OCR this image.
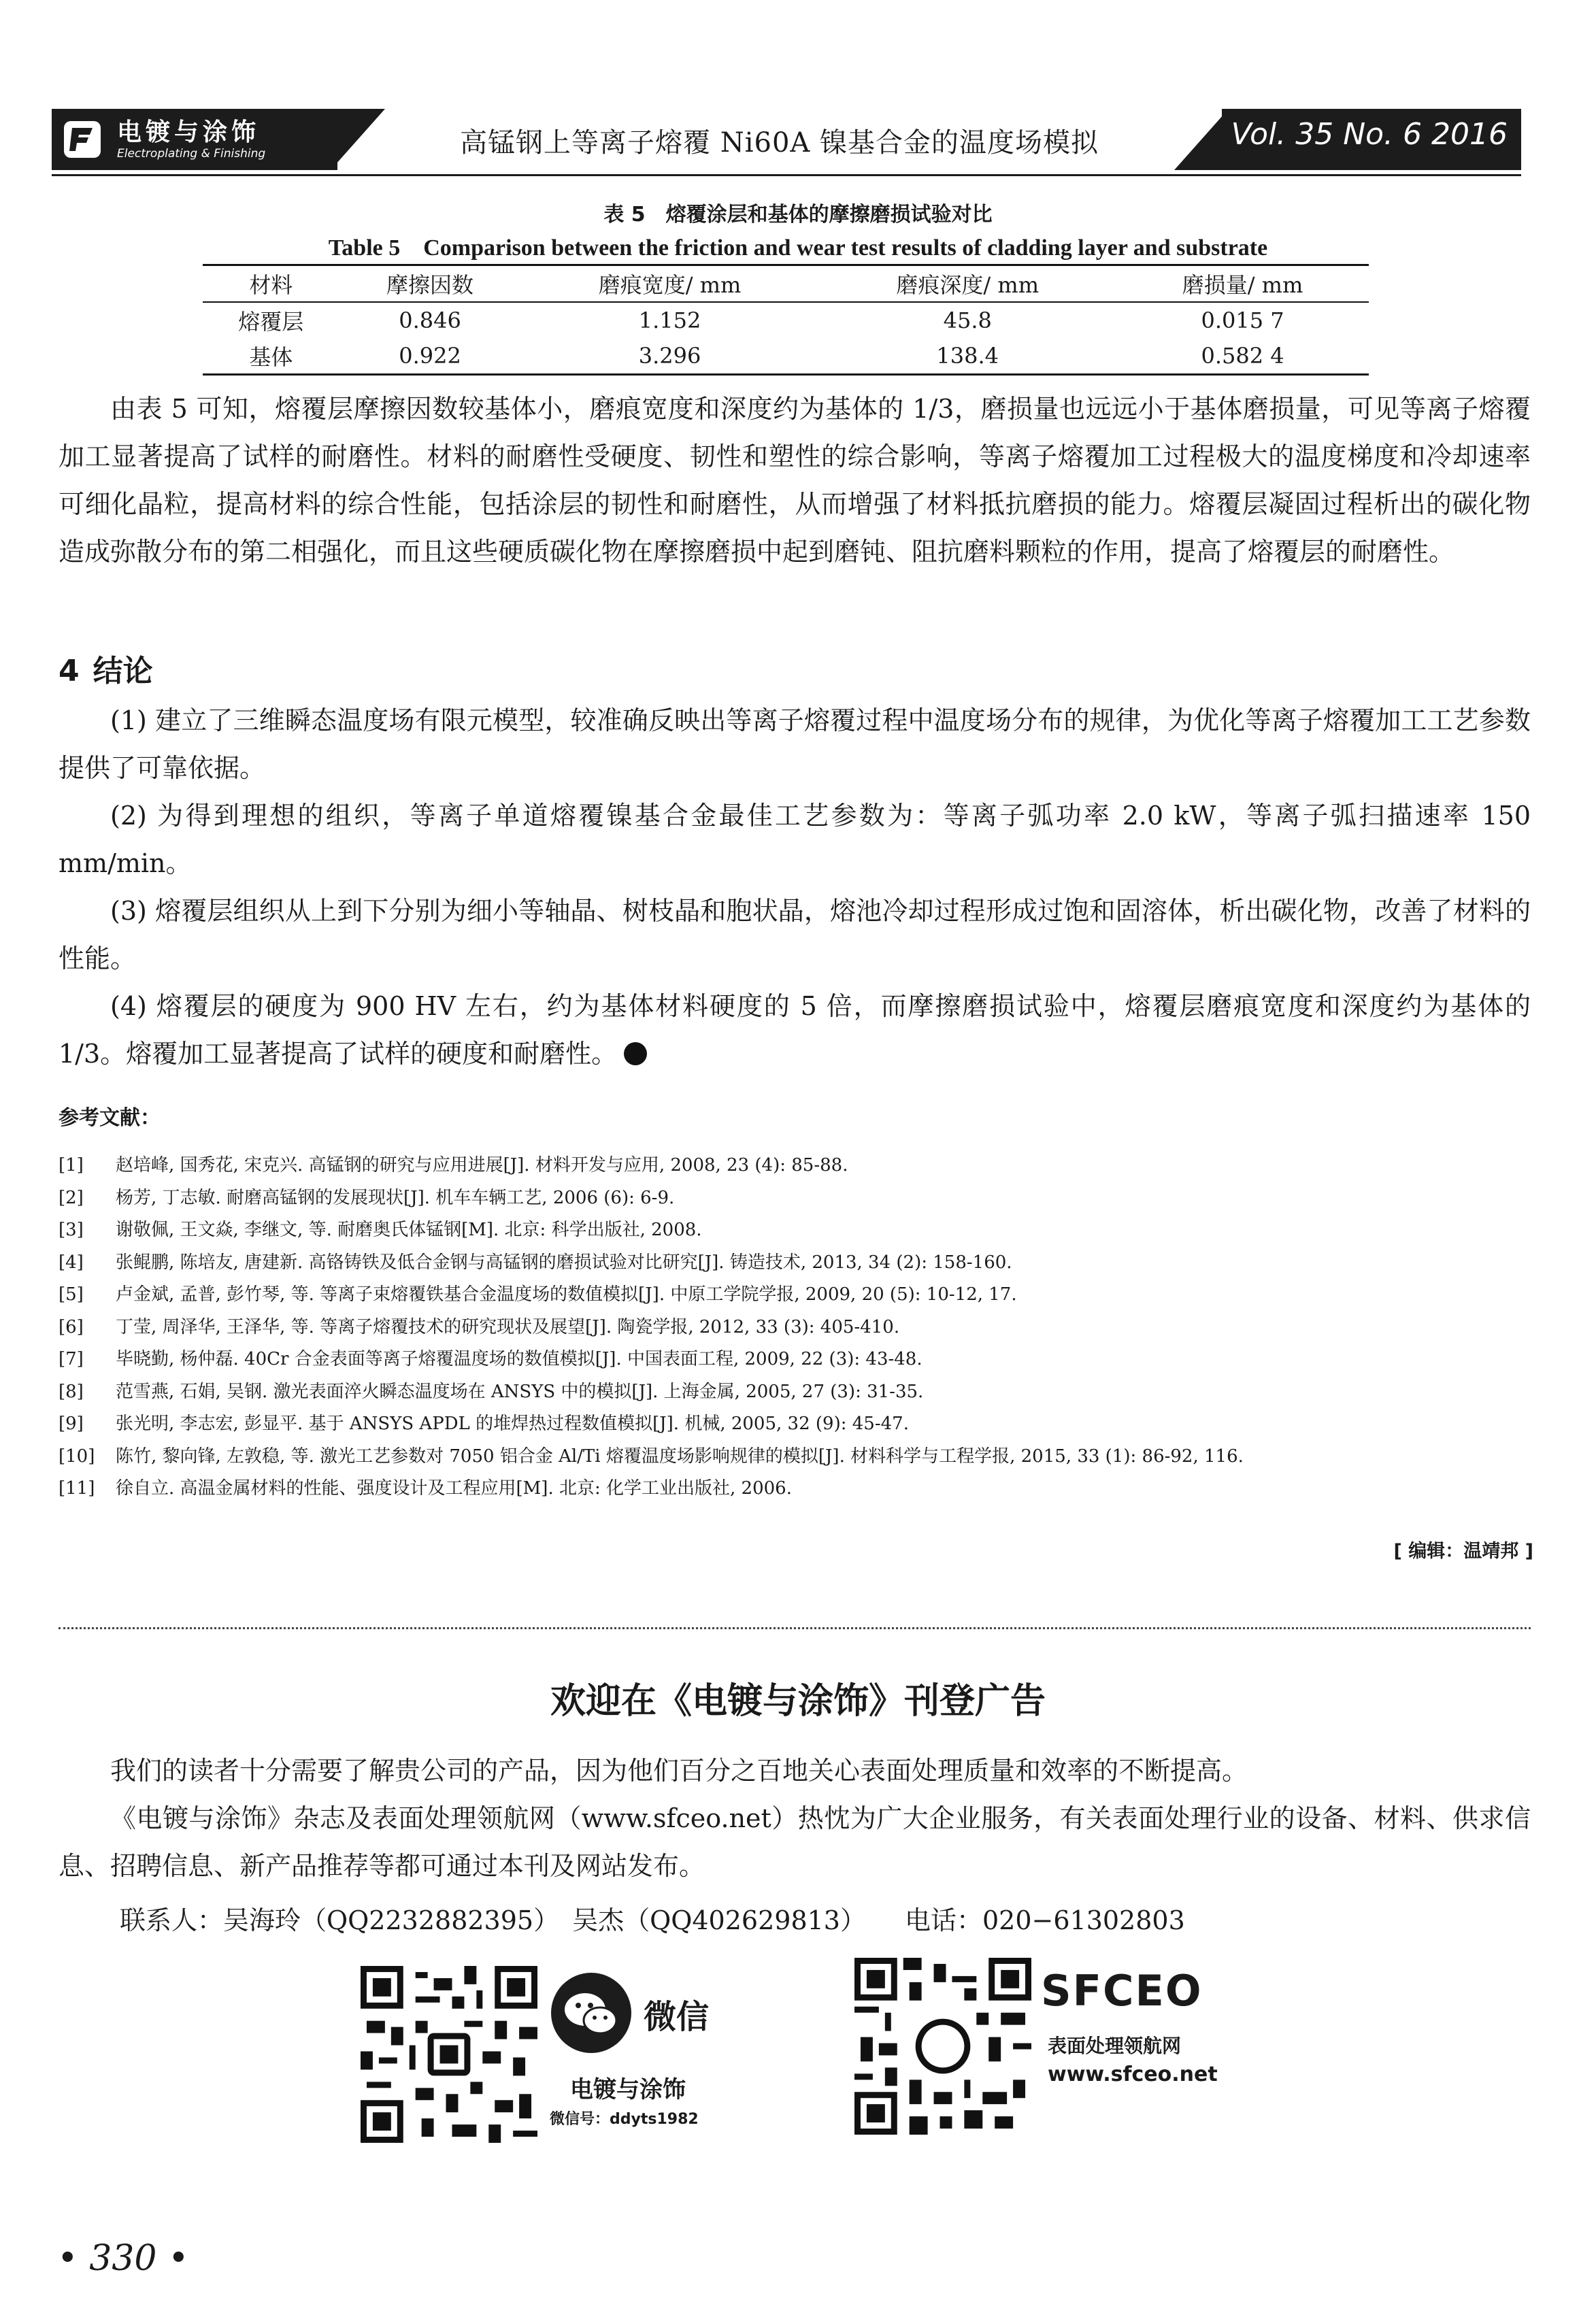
电镀与涂饰
Electroplating & Finishing	高锰钢上等离子熔覆 Ni60A 镍基合金的温度场模拟	Vol. 35 No. 6 2016
表 5　熔覆涂层和基体的摩擦磨损试验对比
Table 5　Comparison between the friction and wear test results of cladding layer and substrate
材料	摩擦因数	磨痕宽度/ mm	磨痕深度/ mm	磨损量/ mm
熔覆层	0.846	1.152	45.8	0.015 7
基体	0.922	3.296	138.4	0.582 4
由表 5 可知，熔覆层摩擦因数较基体小，磨痕宽度和深度约为基体的 1/3，磨损量也远远小于基体磨损量，可见等离子熔覆加工显著提高了试样的耐磨性。材料的耐磨性受硬度、韧性和塑性的综合影响，等离子熔覆加工过程极大的温度梯度和冷却速率可细化晶粒，提高材料的综合性能，包括涂层的韧性和耐磨性，从而增强了材料抵抗磨损的能力。熔覆层凝固过程析出的碳化物造成弥散分布的第二相强化，而且这些硬质碳化物在摩擦磨损中起到磨钝、阻抗磨料颗粒的作用，提高了熔覆层的耐磨性。
4 结论
(1) 建立了三维瞬态温度场有限元模型，较准确反映出等离子熔覆过程中温度场分布的规律，为优化等离子熔覆加工工艺参数提供了可靠依据。
(2) 为得到理想的组织，等离子单道熔覆镍基合金最佳工艺参数为：等离子弧功率 2.0 kW，等离子弧扫描速率 150 mm/min。
(3) 熔覆层组织从上到下分别为细小等轴晶、树枝晶和胞状晶，熔池冷却过程形成过饱和固溶体，析出碳化物，改善了材料的性能。
(4) 熔覆层的硬度为 900 HV 左右，约为基体材料硬度的 5 倍，而摩擦磨损试验中，熔覆层磨痕宽度和深度约为基体的 1/3。熔覆加工显著提高了试样的硬度和耐磨性。
参考文献：
[1] 赵培峰, 国秀花, 宋克兴. 高锰钢的研究与应用进展[J]. 材料开发与应用, 2008, 23 (4): 85-88.
[2] 杨芳, 丁志敏. 耐磨高锰钢的发展现状[J]. 机车车辆工艺, 2006 (6): 6-9.
[3] 谢敬佩, 王文焱, 李继文, 等. 耐磨奥氏体锰钢[M]. 北京: 科学出版社, 2008.
[4] 张鲲鹏, 陈培友, 唐建新. 高铬铸铁及低合金钢与高锰钢的磨损试验对比研究[J]. 铸造技术, 2013, 34 (2): 158-160.
[5] 卢金斌, 孟普, 彭竹琴, 等. 等离子束熔覆铁基合金温度场的数值模拟[J]. 中原工学院学报, 2009, 20 (5): 10-12, 17.
[6] 丁莹, 周泽华, 王泽华, 等. 等离子熔覆技术的研究现状及展望[J]. 陶瓷学报, 2012, 33 (3): 405-410.
[7] 毕晓勤, 杨仲磊. 40Cr 合金表面等离子熔覆温度场的数值模拟[J]. 中国表面工程, 2009, 22 (3): 43-48.
[8] 范雪燕, 石娟, 吴钢. 激光表面淬火瞬态温度场在 ANSYS 中的模拟[J]. 上海金属, 2005, 27 (3): 31-35.
[9] 张光明, 李志宏, 彭显平. 基于 ANSYS APDL 的堆焊热过程数值模拟[J]. 机械, 2005, 32 (9): 45-47.
[10] 陈竹, 黎向锋, 左敦稳, 等. 激光工艺参数对 7050 铝合金 Al/Ti 熔覆温度场影响规律的模拟[J]. 材料科学与工程学报, 2015, 33 (1): 86-92, 116.
[11] 徐自立. 高温金属材料的性能、强度设计及工程应用[M]. 北京: 化学工业出版社, 2006.
[ 编辑：温靖邦 ]
欢迎在《电镀与涂饰》刊登广告
我们的读者十分需要了解贵公司的产品，因为他们百分之百地关心表面处理质量和效率的不断提高。
《电镀与涂饰》杂志及表面处理领航网（www.sfceo.net）热忱为广大企业服务，有关表面处理行业的设备、材料、供求信息、招聘信息、新产品推荐等都可通过本刊及网站发布。
联系人：吴海玲（QQ2232882395）　吴杰（QQ402629813）　　电话：020−61302803
微信
电镀与涂饰
微信号：ddyts1982
SFCEO
表面处理领航网
www.sfceo.net
• 330 •
